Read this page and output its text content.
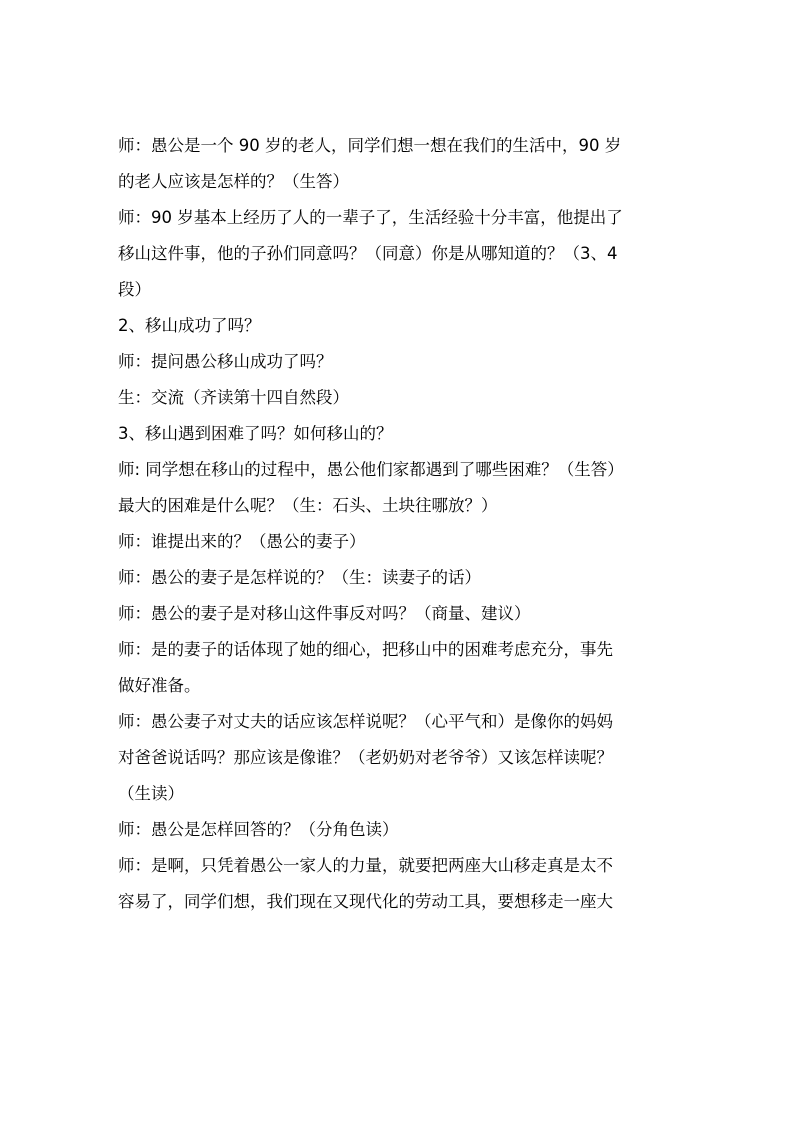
师：愚公是一个 90 岁的老人，同学们想一想在我们的生活中，90 岁

的老人应该是怎样的？（生答）

师：90 岁基本上经历了人的一辈子了，生活经验十分丰富，他提出了

移山这件事，他的子孙们同意吗？（同意）你是从哪知道的？（3、4

段）

2、移山成功了吗？

师：提问愚公移山成功了吗？

生：交流（齐读第十四自然段）

3、移山遇到困难了吗？如何移山的？

师: 同学想在移山的过程中，愚公他们家都遇到了哪些困难？（生答）

最大的困难是什么呢？（生：石头、土块往哪放？）

师：谁提出来的？（愚公的妻子）

师：愚公的妻子是怎样说的？（生：读妻子的话）

师：愚公的妻子是对移山这件事反对吗？（商量、建议）

师：是的妻子的话体现了她的细心，把移山中的困难考虑充分，事先

做好准备。

师：愚公妻子对丈夫的话应该怎样说呢？（心平气和）是像你的妈妈

对爸爸说话吗？那应该是像谁？（老奶奶对老爷爷）又该怎样读呢？

（生读）

师：愚公是怎样回答的？（分角色读）

师：是啊，只凭着愚公一家人的力量，就要把两座大山移走真是太不

容易了，同学们想，我们现在又现代化的劳动工具，要想移走一座大
